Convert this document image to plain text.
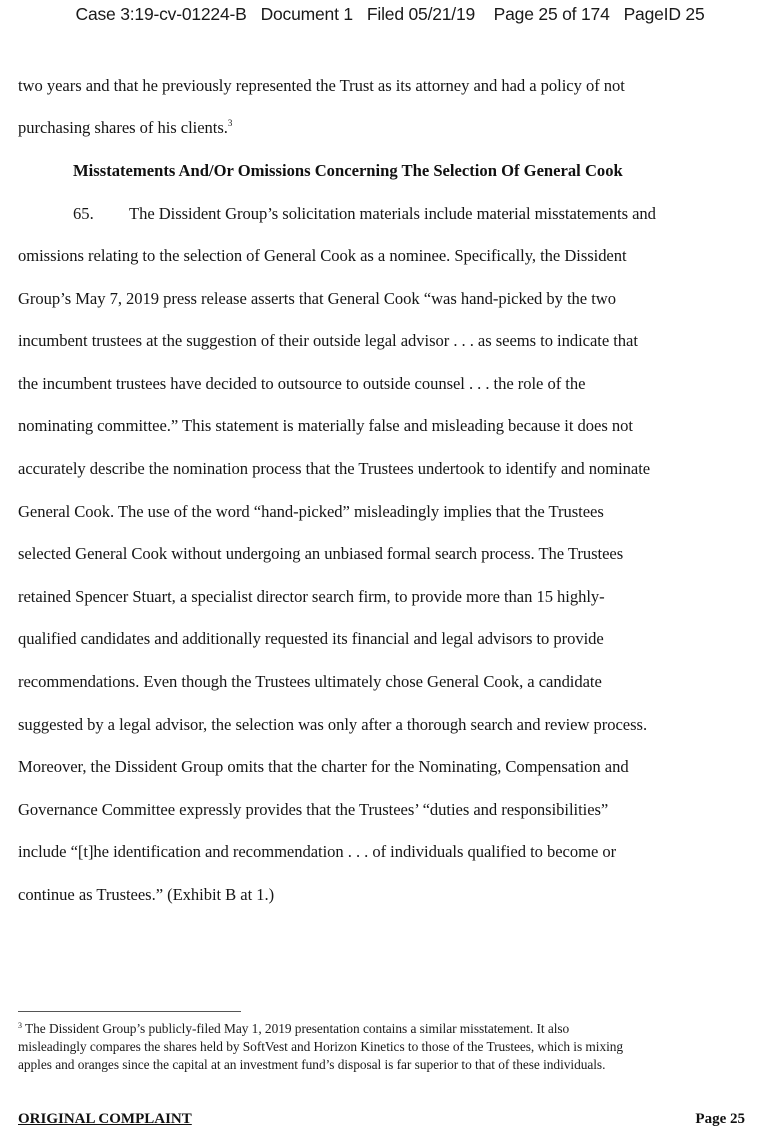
Case 3:19-cv-01224-B   Document 1   Filed 05/21/19    Page 25 of 174   PageID 25
two years and that he previously represented the Trust as its attorney and had a policy of not
purchasing shares of his clients.$^3$
Misstatements And/Or Omissions Concerning The Selection Of General Cook
65. The Dissident Group’s solicitation materials include material misstatements and
omissions relating to the selection of General Cook as a nominee. Specifically, the Dissident
Group’s May 7, 2019 press release asserts that General Cook “was hand-picked by the two
incumbent trustees at the suggestion of their outside legal advisor . . . as seems to indicate that
the incumbent trustees have decided to outsource to outside counsel . . . the role of the
nominating committee.” This statement is materially false and misleading because it does not
accurately describe the nomination process that the Trustees undertook to identify and nominate
General Cook. The use of the word “hand-picked” misleadingly implies that the Trustees
selected General Cook without undergoing an unbiased formal search process. The Trustees
retained Spencer Stuart, a specialist director search firm, to provide more than 15 highly-
qualified candidates and additionally requested its financial and legal advisors to provide
recommendations. Even though the Trustees ultimately chose General Cook, a candidate
suggested by a legal advisor, the selection was only after a thorough search and review process.
Moreover, the Dissident Group omits that the charter for the Nominating, Compensation and
Governance Committee expressly provides that the Trustees’ “duties and responsibilities”
include “[t]he identification and recommendation . . . of individuals qualified to become or
continue as Trustees.” (Exhibit B at 1.)
$^3$ The Dissident Group’s publicly-filed May 1, 2019 presentation contains a similar misstatement. It also
misleadingly compares the shares held by SoftVest and Horizon Kinetics to those of the Trustees, which is mixing
apples and oranges since the capital at an investment fund’s disposal is far superior to that of these individuals.
ORIGINAL COMPLAINT	Page 25
